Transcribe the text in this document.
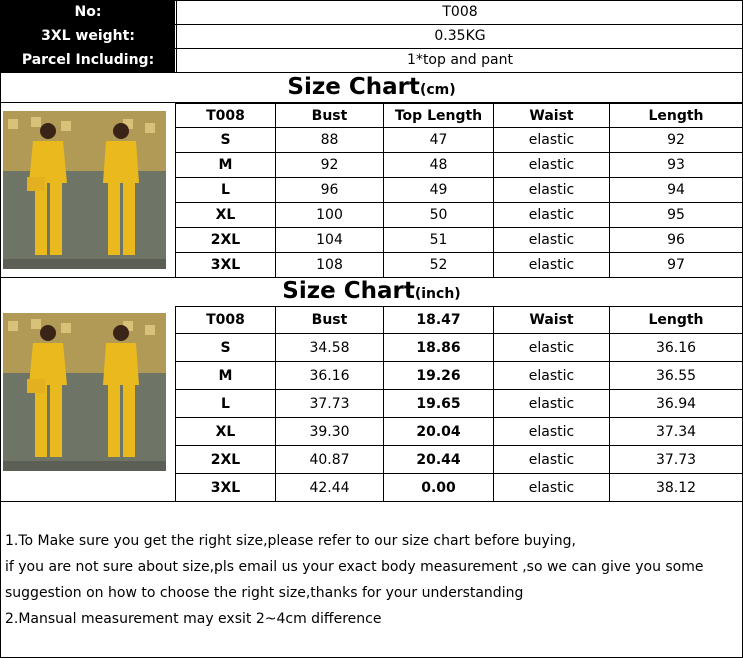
No:	T008
3XL weight:	0.35KG
Parcel Including:	1*top and pant
Size Chart(cm)
T008	Bust	Top Length	Waist	Length
S	88	47	elastic	92
M	92	48	elastic	93
L	96	49	elastic	94
XL	100	50	elastic	95
2XL	104	51	elastic	96
3XL	108	52	elastic	97
Size Chart(inch)
T008	Bust	18.47	Waist	Length
S	34.58	18.86	elastic	36.16
M	36.16	19.26	elastic	36.55
L	37.73	19.65	elastic	36.94
XL	39.30	20.04	elastic	37.34
2XL	40.87	20.44	elastic	37.73
3XL	42.44	0.00	elastic	38.12

1.To Make sure you get the right size,please refer to our size chart before buying,

if you are not sure about size,pls email us your exact body measurement ,so we can give you some

suggestion on how to choose the right size,thanks for your understanding

2.Mansual measurement may exsit 2~4cm difference
